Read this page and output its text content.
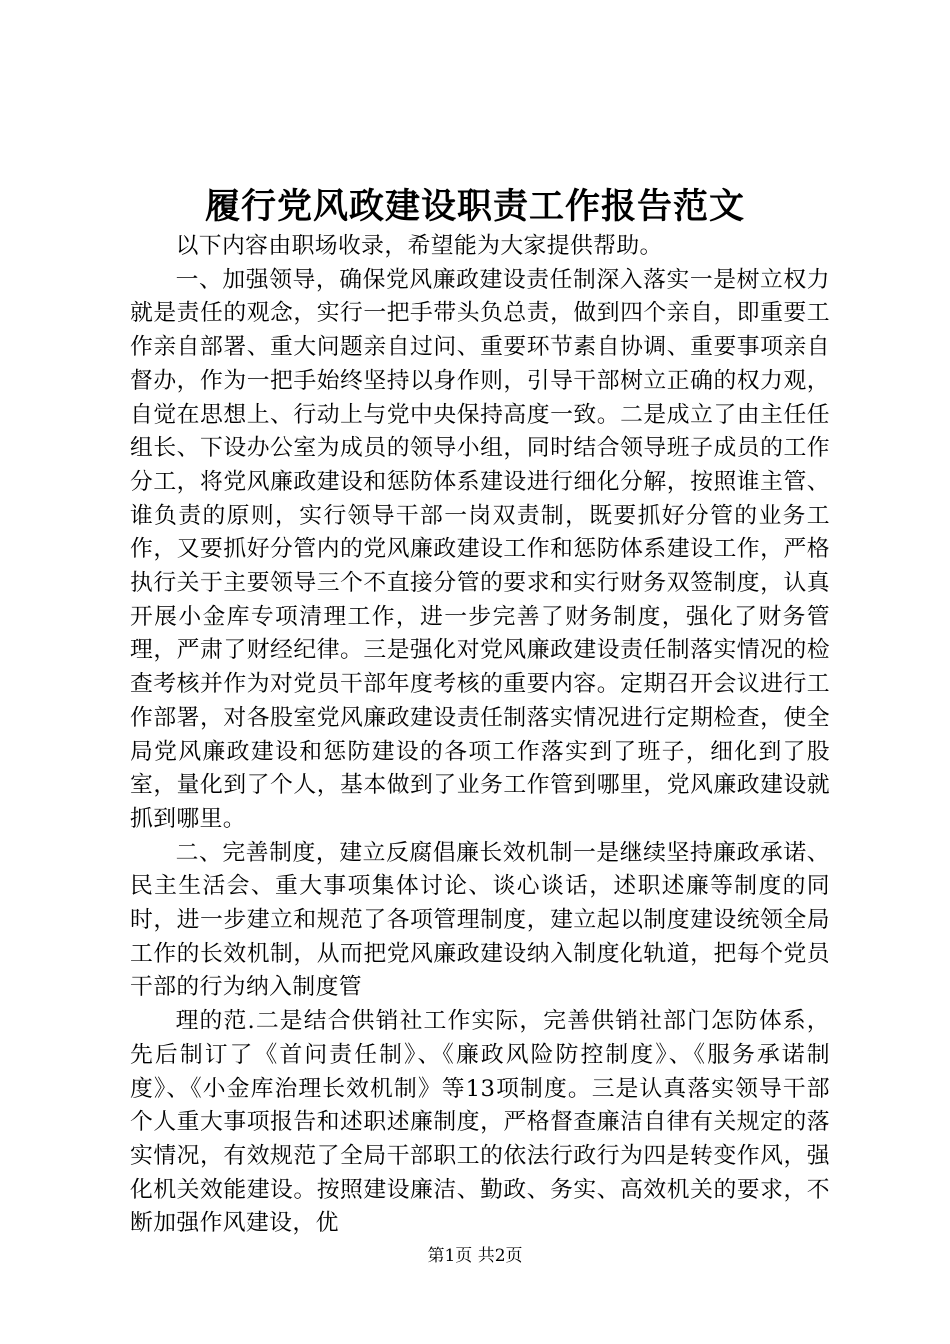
履行党风政建设职责工作报告范文

以下内容由职场收录，希望能为大家提供帮助。

一、加强领导，确保党风廉政建设责任制深入落实一是树立权力就是责任的观念，实行一把手带头负总责，做到四个亲自，即重要工作亲自部署、重大问题亲自过问、重要环节素自协调、重要事项亲自督办，作为一把手始终坚持以身作则，引导干部树立正确的权力观，自觉在思想上、行动上与党中央保持高度一致。二是成立了由主任任组长、下设办公室为成员的领导小组，同时结合领导班子成员的工作分工，将党风廉政建设和惩防体系建设进行细化分解，按照谁主管、谁负责的原则，实行领导干部一岗双责制，既要抓好分管的业务工作，又要抓好分管内的党风廉政建设工作和惩防体系建设工作，严格执行关于主要领导三个不直接分管的要求和实行财务双签制度，认真开展小金库专项清理工作，进一步完善了财务制度，强化了财务管理，严肃了财经纪律。三是强化对党风廉政建设责任制落实情况的检查考核并作为对党员干部年度考核的重要内容。定期召开会议进行工作部署，对各股室党风廉政建设责任制落实情况进行定期检查，使全局党风廉政建设和惩防建设的各项工作落实到了班子，细化到了股室，量化到了个人，基本做到了业务工作管到哪里，党风廉政建设就抓到哪里。

二、完善制度，建立反腐倡廉长效机制一是继续坚持廉政承诺、民主生活会、重大事项集体讨论、谈心谈话，述职述廉等制度的同时，进一步建立和规范了各项管理制度，建立起以制度建设统领全局工作的长效机制，从而把党风廉政建设纳入制度化轨道，把每个党员干部的行为纳入制度管

理的范.二是结合供销社工作实际，完善供销社部门怎防体系，先后制订了《首问责任制》、《廉政风险防控制度》、《服务承诺制度》、《小金库治理长效机制》等13项制度。三是认真落实领导干部个人重大事项报告和述职述廉制度，严格督查廉洁自律有关规定的落实情况，有效规范了全局干部职工的依法行政行为四是转变作风，强化机关效能建设。按照建设廉洁、勤政、务实、高效机关的要求，不断加强作风建设，优

第1页 共2页
